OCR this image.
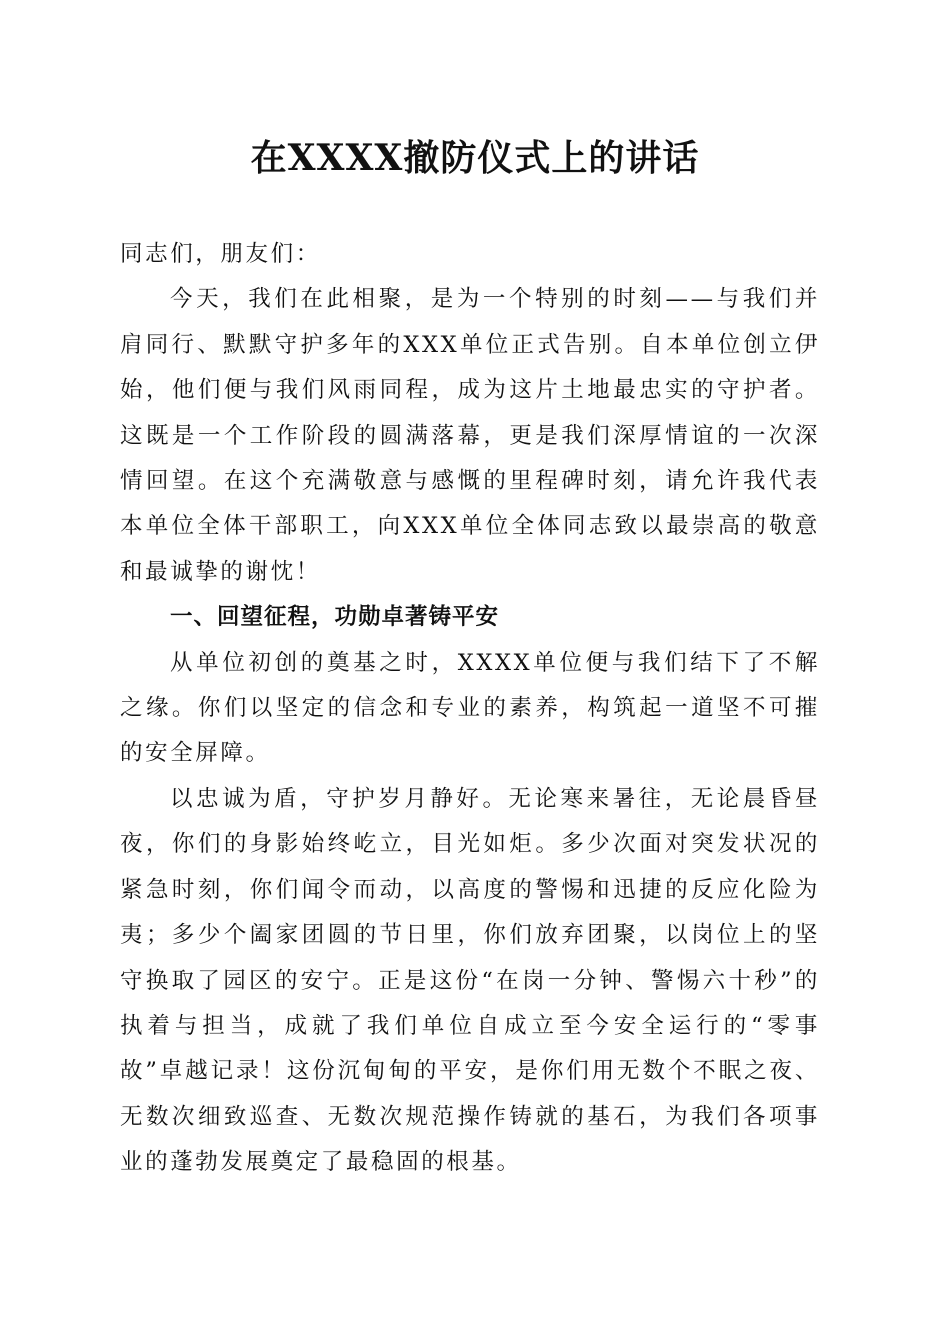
在XXXX撤防仪式上的讲话

同志们，朋友们：

今天，我们在此相聚，是为一个特别的时刻——与我们并肩同行、默默守护多年的XXX单位正式告别。自本单位创立伊始，他们便与我们风雨同程，成为这片土地最忠实的守护者。这既是一个工作阶段的圆满落幕，更是我们深厚情谊的一次深情回望。在这个充满敬意与感慨的里程碑时刻，请允许我代表本单位全体干部职工，向XXX单位全体同志致以最崇高的敬意和最诚挚的谢忱！

一、回望征程，功勋卓著铸平安

从单位初创的奠基之时，XXXX单位便与我们结下了不解之缘。你们以坚定的信念和专业的素养，构筑起一道坚不可摧的安全屏障。

以忠诚为盾，守护岁月静好。无论寒来暑往，无论晨昏昼夜，你们的身影始终屹立，目光如炬。多少次面对突发状况的紧急时刻，你们闻令而动，以高度的警惕和迅捷的反应化险为夷；多少个阖家团圆的节日里，你们放弃团聚，以岗位上的坚守换取了园区的安宁。正是这份“在岗一分钟、警惕六十秒”的执着与担当，成就了我们单位自成立至今安全运行的“零事故”卓越记录！这份沉甸甸的平安，是你们用无数个不眠之夜、无数次细致巡查、无数次规范操作铸就的基石，为我们各项事业的蓬勃发展奠定了最稳固的根基。
